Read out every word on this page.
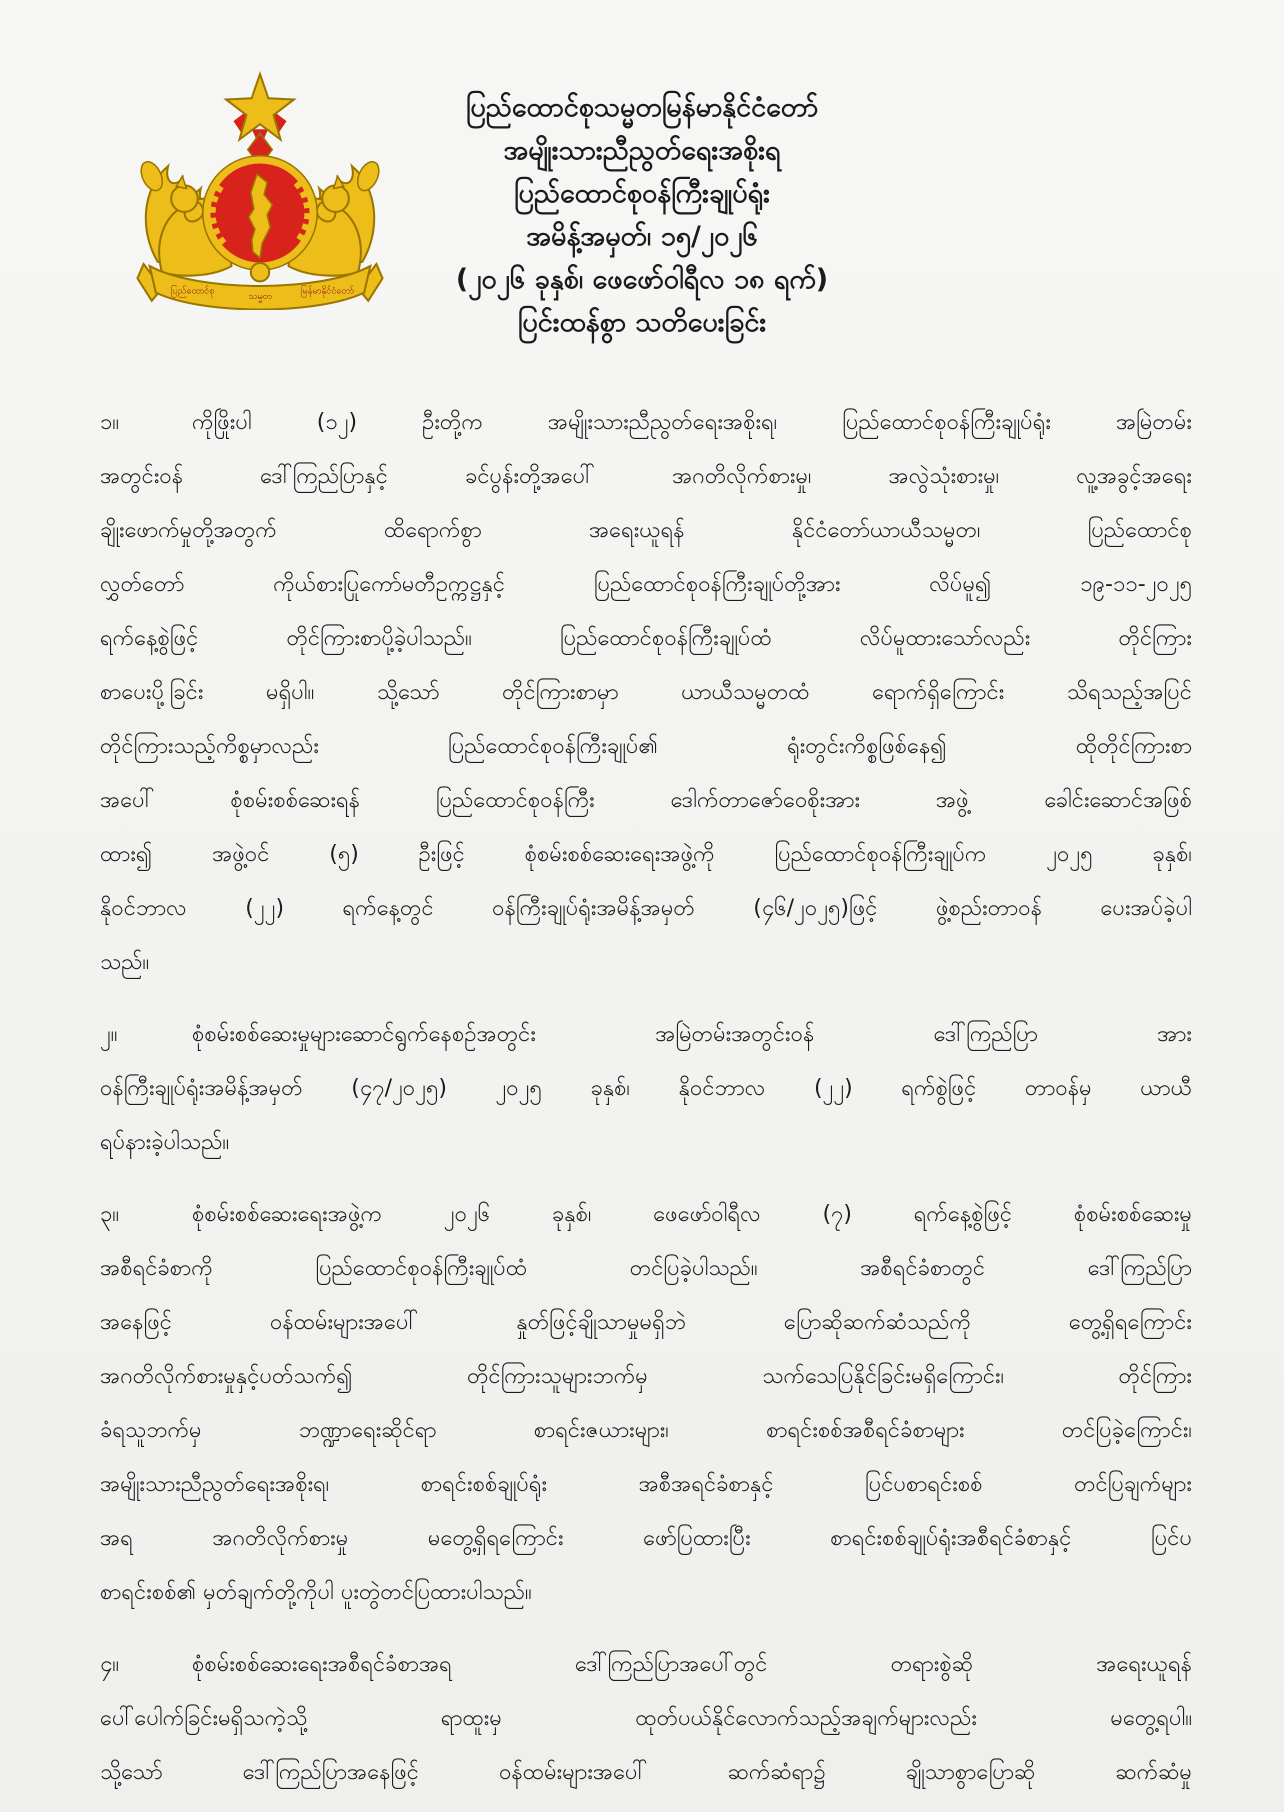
ပြည်ထောင်စု	သမ္မတ	မြန်မာနိုင်ငံတော်
ပြည်ထောင်စုသမ္မတမြန်မာနိုင်ငံတော်
အမျိုးသားညီညွတ်ရေးအစိုးရ
ပြည်ထောင်စုဝန်ကြီးချုပ်ရုံး
အမိန့်အမှတ်၊ ၁၅/၂၀၂၆
(၂၀၂၆ ခုနှစ်၊ ဖေဖော်ဝါရီလ ၁၈ ရက်)
ပြင်းထန်စွာ သတိပေးခြင်း
၁။	ကိုဖြိုးပါ (၁၂) ဦးတို့က အမျိုးသားညီညွတ်ရေးအစိုးရ၊ ပြည်ထောင်စုဝန်ကြီးချုပ်ရုံး အမြဲတမ်း
အတွင်းဝန် ဒေါ်ကြည်ပြာနှင့် ခင်ပွန်းတို့အပေါ် အဂတိလိုက်စားမှု၊ အလွဲသုံးစားမှု၊ လူ့အခွင့်အရေး
ချိုးဖောက်မှုတို့အတွက် ထိရောက်စွာ အရေးယူရန် နိုင်ငံတော်ယာယီသမ္မတ၊ ပြည်ထောင်စု
လွှတ်တော် ကိုယ်စားပြုကော်မတီဥက္ကဋ္ဌနှင့် ပြည်ထောင်စုဝန်ကြီးချုပ်တို့အား လိပ်မူ၍ ၁၉-၁၁-၂၀၂၅
ရက်နေ့စွဲဖြင့် တိုင်ကြားစာပို့ခဲ့ပါသည်။ ပြည်ထောင်စုဝန်ကြီးချုပ်ထံ လိပ်မူထားသော်လည်း တိုင်ကြား
စာပေးပို့ခြင်း မရှိပါ။ သို့သော် တိုင်ကြားစာမှာ ယာယီသမ္မတထံ ရောက်ရှိကြောင်း သိရသည့်အပြင်
တိုင်ကြားသည့်ကိစ္စမှာလည်း ပြည်ထောင်စုဝန်ကြီးချုပ်၏ ရုံးတွင်းကိစ္စဖြစ်နေ၍ ထိုတိုင်ကြားစာ
အပေါ် စုံစမ်းစစ်ဆေးရန် ပြည်ထောင်စုဝန်ကြီး ဒေါက်တာဇော်ဝေစိုးအား အဖွဲ့ ခေါင်းဆောင်အဖြစ်
ထား၍ အဖွဲ့ဝင် (၅) ဦးဖြင့် စုံစမ်းစစ်ဆေးရေးအဖွဲ့ကို ပြည်ထောင်စုဝန်ကြီးချုပ်က ၂၀၂၅ ခုနှစ်၊
နိုဝင်ဘာလ (၂၂) ရက်နေ့တွင် ဝန်ကြီးချုပ်ရုံးအမိန့်အမှတ် (၄၆/၂၀၂၅)ဖြင့် ဖွဲ့စည်းတာဝန် ပေးအပ်ခဲ့ပါ
သည်။
၂။	စုံစမ်းစစ်ဆေးမှုများဆောင်ရွက်နေစဉ်အတွင်း အမြဲတမ်းအတွင်းဝန် ဒေါ်ကြည်ပြာ အား
ဝန်ကြီးချုပ်ရုံးအမိန့်အမှတ် (၄၇/၂၀၂၅) ၂၀၂၅ ခုနှစ်၊ နိုဝင်ဘာလ (၂၂) ရက်စွဲဖြင့် တာဝန်မှ ယာယီ
ရပ်နားခဲ့ပါသည်။
၃။	စုံစမ်းစစ်ဆေးရေးအဖွဲ့က ၂၀၂၆ ခုနှစ်၊ ဖေဖော်ဝါရီလ (၇) ရက်နေ့စွဲဖြင့် စုံစမ်းစစ်ဆေးမှု
အစီရင်ခံစာကို ပြည်ထောင်စုဝန်ကြီးချုပ်ထံ တင်ပြခဲ့ပါသည်။ အစီရင်ခံစာတွင် ဒေါ်ကြည်ပြာ
အနေဖြင့် ဝန်ထမ်းများအပေါ် နှုတ်ဖြင့်ချိုသာမှုမရှိဘဲ ပြောဆိုဆက်ဆံသည်ကို တွေ့ရှိရကြောင်း
အဂတိလိုက်စားမှုနှင့်ပတ်သက်၍ တိုင်ကြားသူများဘက်မှ သက်သေပြနိုင်ခြင်းမရှိကြောင်း၊ တိုင်ကြား
ခံရသူဘက်မှ ဘဏ္ဍာရေးဆိုင်ရာ စာရင်းဇယားများ၊ စာရင်းစစ်အစီရင်ခံစာများ တင်ပြခဲ့ကြောင်း၊
အမျိုးသားညီညွတ်ရေးအစိုးရ၊ စာရင်းစစ်ချုပ်ရုံး အစီအရင်ခံစာနှင့် ပြင်ပစာရင်းစစ် တင်ပြချက်များ
အရ အဂတိလိုက်စားမှု မတွေ့ရှိရကြောင်း ဖော်ပြထားပြီး စာရင်းစစ်ချုပ်ရုံးအစီရင်ခံစာနှင့် ပြင်ပ
စာရင်းစစ်၏ မှတ်ချက်တို့ကိုပါ ပူးတွဲတင်ပြထားပါသည်။
၄။	စုံစမ်းစစ်ဆေးရေးအစီရင်ခံစာအရ ဒေါ်ကြည်ပြာအပေါ်တွင် တရားစွဲဆို အရေးယူရန်
ပေါ်ပေါက်ခြင်းမရှိသကဲ့သို့ ရာထူးမှ ထုတ်ပယ်နိုင်လောက်သည့်အချက်များလည်း မတွေ့ရပါ။
သို့သော် ဒေါ်ကြည်ပြာအနေဖြင့် ဝန်ထမ်းများအပေါ် ဆက်ဆံရာ၌ ချိုသာစွာပြောဆို ဆက်ဆံမှု
